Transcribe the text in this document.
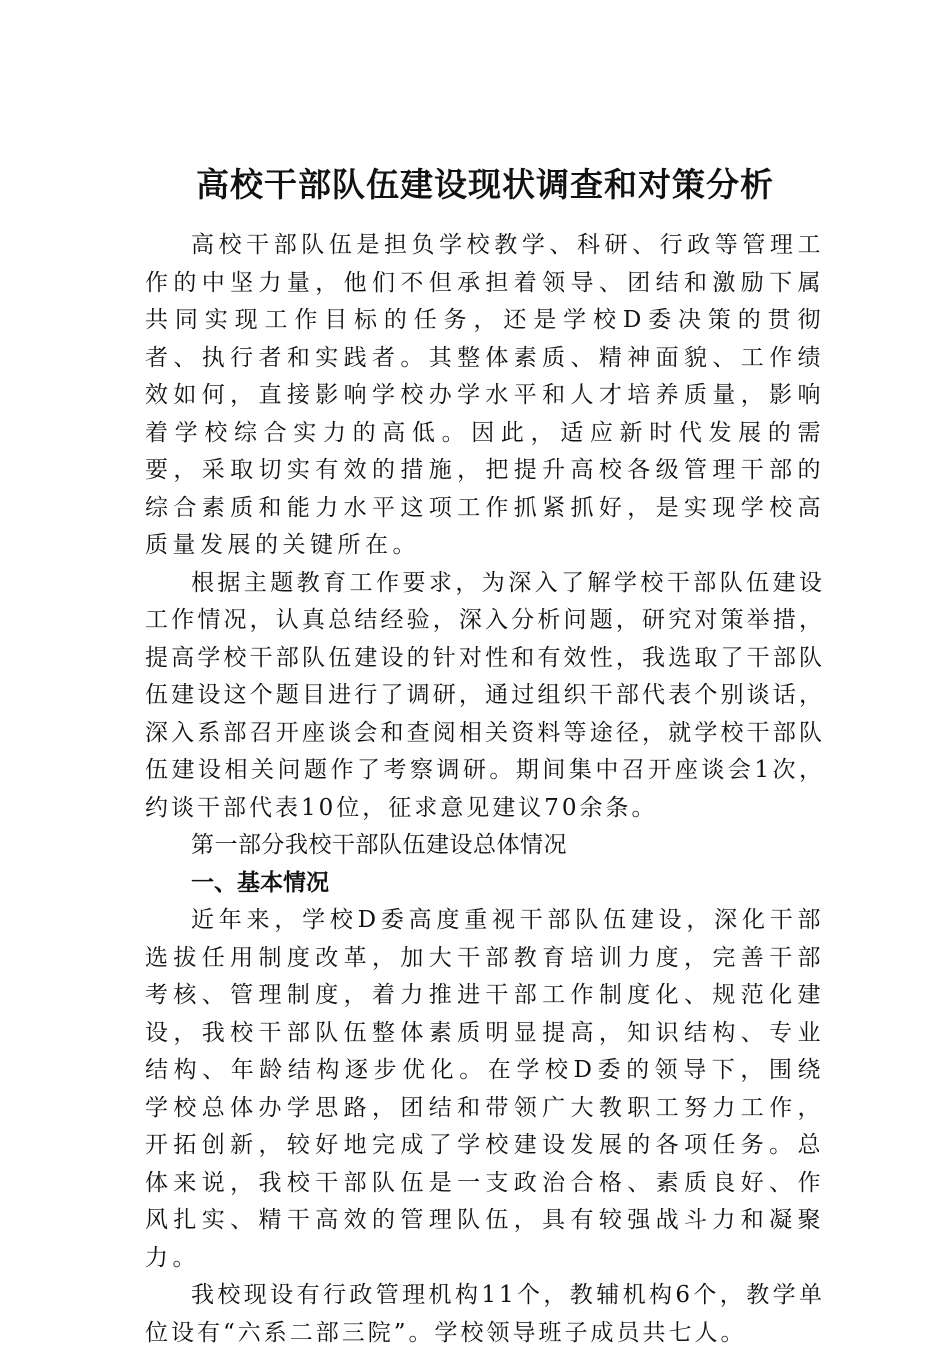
高校干部队伍建设现状调查和对策分析

高校干部队伍是担负学校教学、科研、行政等管理工作的中坚力量，他们不但承担着领导、团结和激励下属共同实现工作目标的任务，还是学校D委决策的贯彻者、执行者和实践者。其整体素质、精神面貌、工作绩效如何，直接影响学校办学水平和人才培养质量，影响着学校综合实力的高低。因此，适应新时代发展的需要，采取切实有效的措施，把提升高校各级管理干部的综合素质和能力水平这项工作抓紧抓好，是实现学校高质量发展的关键所在。

根据主题教育工作要求，为深入了解学校干部队伍建设工作情况，认真总结经验，深入分析问题，研究对策举措，提高学校干部队伍建设的针对性和有效性，我选取了干部队伍建设这个题目进行了调研，通过组织干部代表个别谈话，深入系部召开座谈会和查阅相关资料等途径，就学校干部队伍建设相关问题作了考察调研。期间集中召开座谈会1次，约谈干部代表10位，征求意见建议70余条。

第一部分我校干部队伍建设总体情况

一、基本情况

近年来，学校D委高度重视干部队伍建设，深化干部选拔任用制度改革，加大干部教育培训力度，完善干部考核、管理制度，着力推进干部工作制度化、规范化建设，我校干部队伍整体素质明显提高，知识结构、专业结构、年龄结构逐步优化。在学校D委的领导下，围绕学校总体办学思路，团结和带领广大教职工努力工作，开拓创新，较好地完成了学校建设发展的各项任务。总体来说，我校干部队伍是一支政治合格、素质良好、作风扎实、精干高效的管理队伍，具有较强战斗力和凝聚力。

我校现设有行政管理机构11个，教辅机构6个，教学单位设有“六系二部三院”。学校领导班子成员共七人。
